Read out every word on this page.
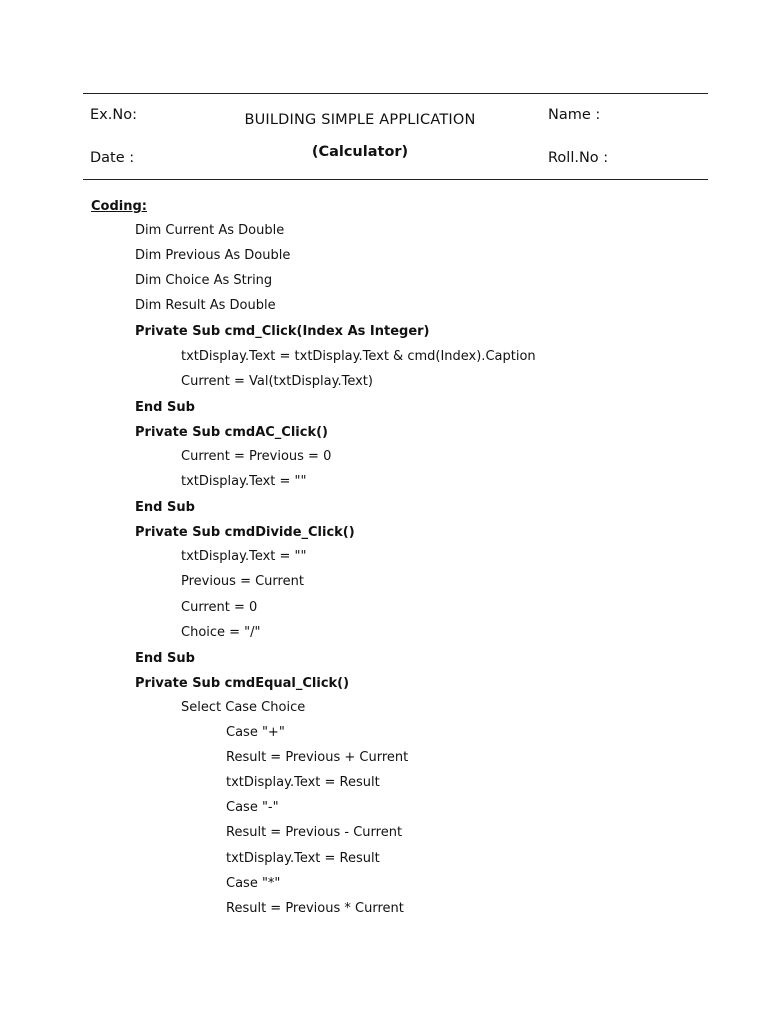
Ex.No:	BUILDING SIMPLE APPLICATION	Name :
Date :	(Calculator)	Roll.No :
Coding:
Dim Current As Double
Dim Previous As Double
Dim Choice As String
Dim Result As Double
Private Sub cmd_Click(Index As Integer)
txtDisplay.Text = txtDisplay.Text & cmd(Index).Caption
Current = Val(txtDisplay.Text)
End Sub
Private Sub cmdAC_Click()
Current = Previous = 0
txtDisplay.Text = ""
End Sub
Private Sub cmdDivide_Click()
txtDisplay.Text = ""
Previous = Current
Current = 0
Choice = "/"
End Sub
Private Sub cmdEqual_Click()
Select Case Choice
Case "+"
Result = Previous + Current
txtDisplay.Text = Result
Case "-"
Result = Previous - Current
txtDisplay.Text = Result
Case "*"
Result = Previous * Current
